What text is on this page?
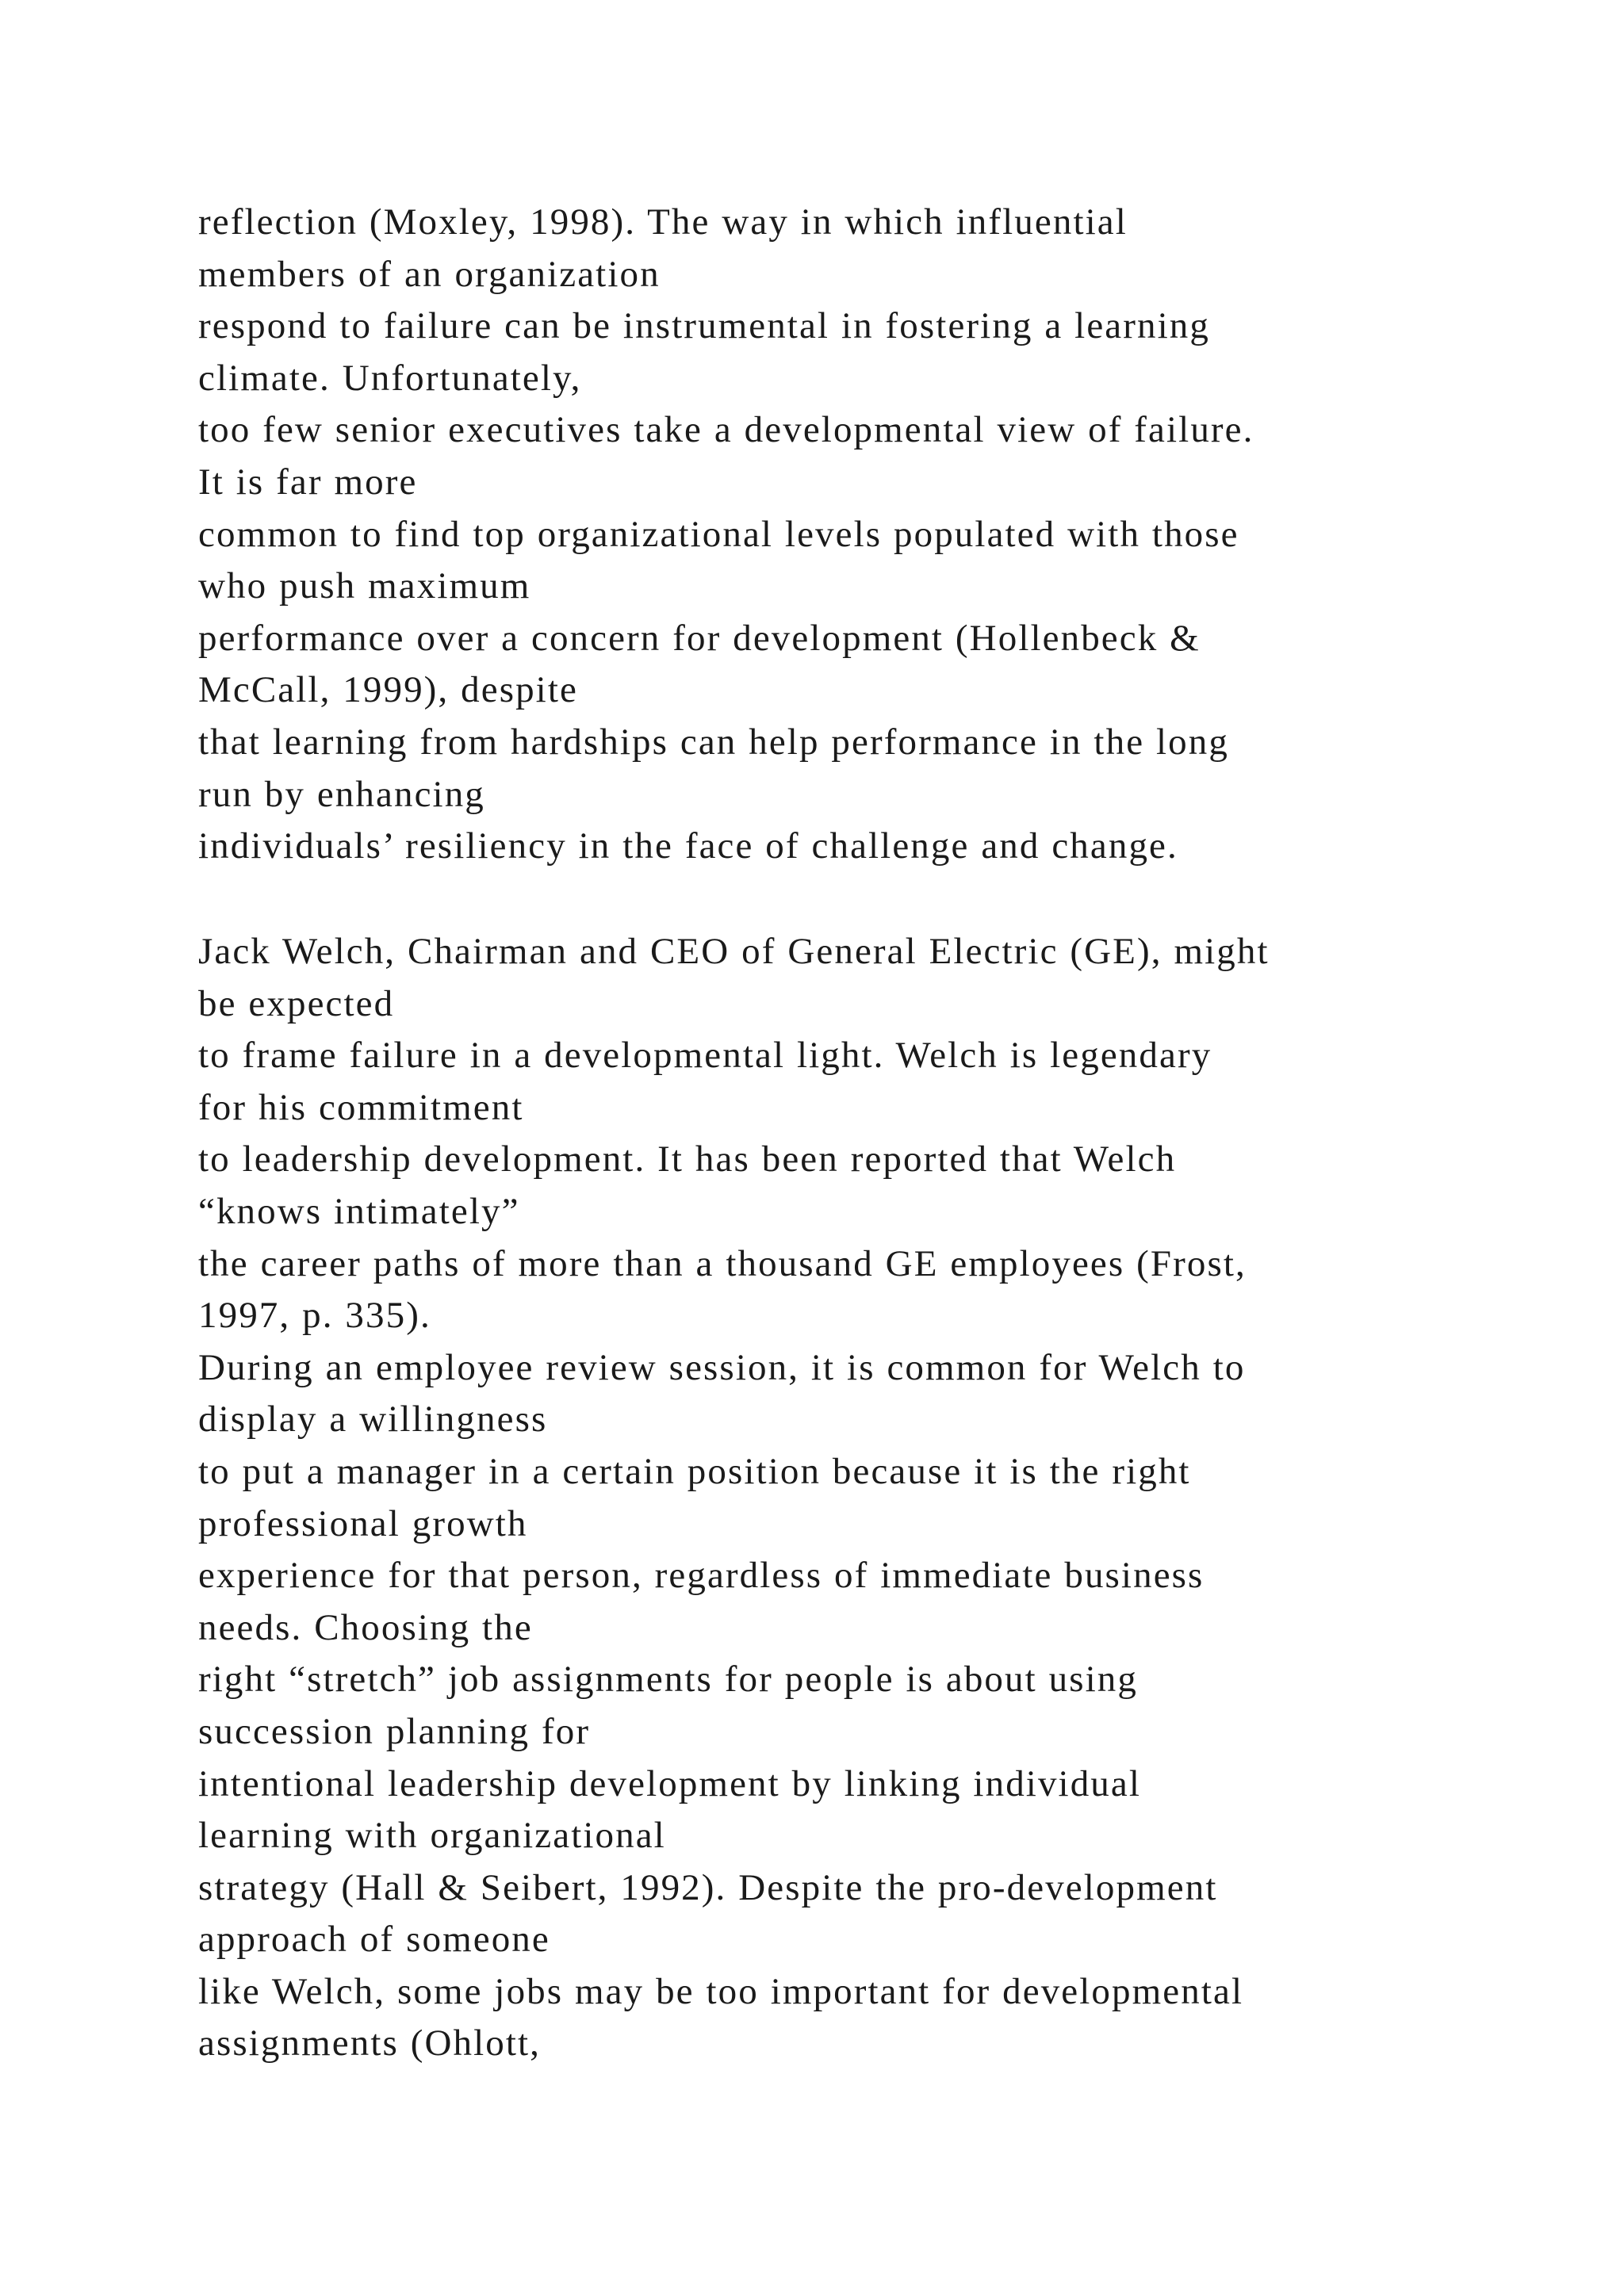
reflection (Moxley, 1998). The way in which influential
members of an organization
respond to failure can be instrumental in fostering a learning
climate. Unfortunately,
too few senior executives take a developmental view of failure.
It is far more
common to find top organizational levels populated with those
who push maximum
performance over a concern for development (Hollenbeck &
McCall, 1999), despite
that learning from hardships can help performance in the long
run by enhancing
individuals’ resiliency in the face of challenge and change.
Jack Welch, Chairman and CEO of General Electric (GE), might
be expected
to frame failure in a developmental light. Welch is legendary
for his commitment
to leadership development. It has been reported that Welch
“knows intimately”
the career paths of more than a thousand GE employees (Frost,
1997, p. 335).
During an employee review session, it is common for Welch to
display a willingness
to put a manager in a certain position because it is the right
professional growth
experience for that person, regardless of immediate business
needs. Choosing the
right “stretch” job assignments for people is about using
succession planning for
intentional leadership development by linking individual
learning with organizational
strategy (Hall & Seibert, 1992). Despite the pro-development
approach of someone
like Welch, some jobs may be too important for developmental
assignments (Ohlott,
